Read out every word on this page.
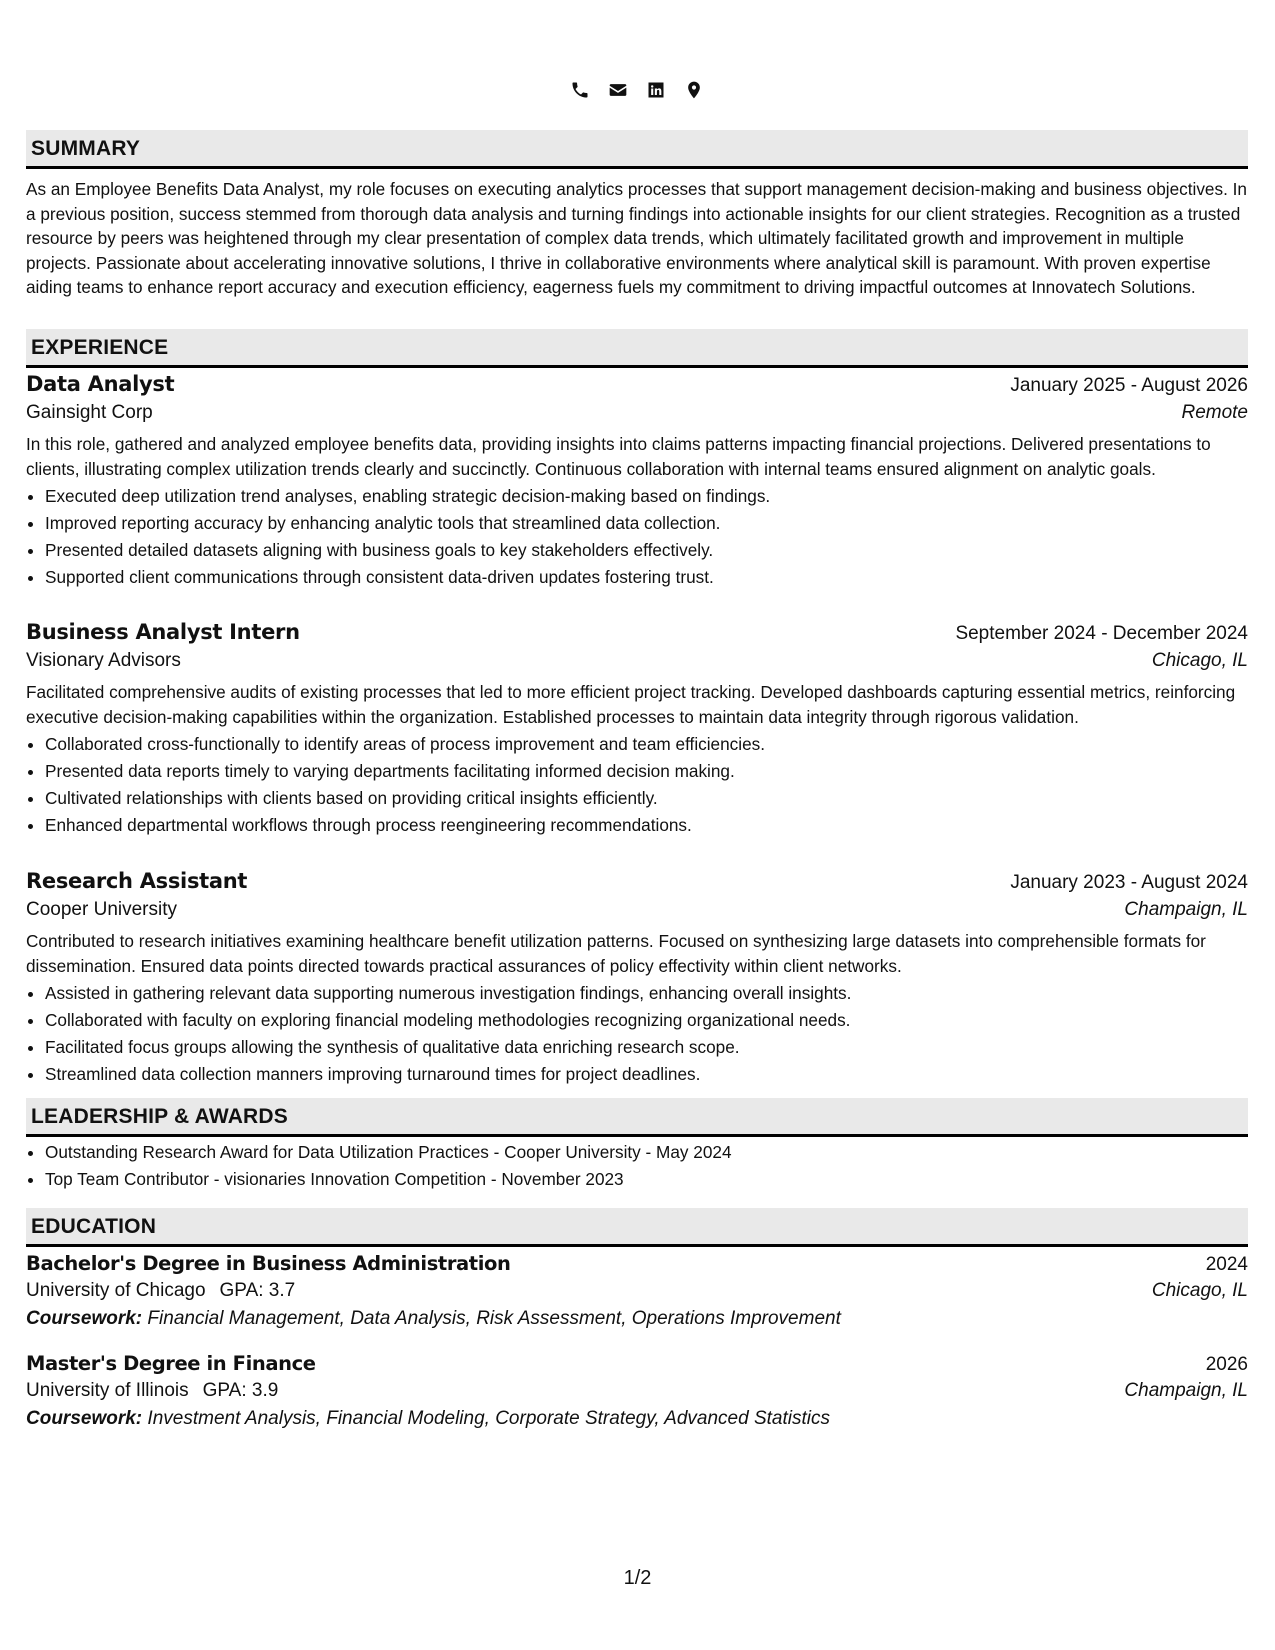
SUMMARY

As an Employee Benefits Data Analyst, my role focuses on executing analytics processes that support management decision-making and business objectives. In a previous position, success stemmed from thorough data analysis and turning findings into actionable insights for our client strategies. Recognition as a trusted resource by peers was heightened through my clear presentation of complex data trends, which ultimately facilitated growth and improvement in multiple projects. Passionate about accelerating innovative solutions, I thrive in collaborative environments where analytical skill is paramount. With proven expertise aiding teams to enhance report accuracy and execution efficiency, eagerness fuels my commitment to driving impactful outcomes at Innovatech Solutions.

EXPERIENCE
Data Analyst	January 2025 - August 2026
Gainsight Corp	Remote

In this role, gathered and analyzed employee benefits data, providing insights into claims patterns impacting financial projections. Delivered presentations to clients, illustrating complex utilization trends clearly and succinctly. Continuous collaboration with internal teams ensured alignment on analytic goals.

• Executed deep utilization trend analyses, enabling strategic decision-making based on findings.
• Improved reporting accuracy by enhancing analytic tools that streamlined data collection.
• Presented detailed datasets aligning with business goals to key stakeholders effectively.
• Supported client communications through consistent data-driven updates fostering trust.
Business Analyst Intern	September 2024 - December 2024
Visionary Advisors	Chicago, IL

Facilitated comprehensive audits of existing processes that led to more efficient project tracking. Developed dashboards capturing essential metrics, reinforcing executive decision-making capabilities within the organization. Established processes to maintain data integrity through rigorous validation.

• Collaborated cross-functionally to identify areas of process improvement and team efficiencies.
• Presented data reports timely to varying departments facilitating informed decision making.
• Cultivated relationships with clients based on providing critical insights efficiently.
• Enhanced departmental workflows through process reengineering recommendations.
Research Assistant	January 2023 - August 2024
Cooper University	Champaign, IL

Contributed to research initiatives examining healthcare benefit utilization patterns. Focused on synthesizing large datasets into comprehensible formats for dissemination. Ensured data points directed towards practical assurances of policy effectivity within client networks.

• Assisted in gathering relevant data supporting numerous investigation findings, enhancing overall insights.
• Collaborated with faculty on exploring financial modeling methodologies recognizing organizational needs.
• Facilitated focus groups allowing the synthesis of qualitative data enriching research scope.
• Streamlined data collection manners improving turnaround times for project deadlines.
LEADERSHIP & AWARDS
• Outstanding Research Award for Data Utilization Practices - Cooper University - May 2024
• Top Team Contributor - visionaries Innovation Competition - November 2023
EDUCATION
Bachelor's Degree in Business Administration	2024
University of Chicago GPA: 3.7	Chicago, IL
Coursework: Financial Management, Data Analysis, Risk Assessment, Operations Improvement
Master's Degree in Finance	2026
University of Illinois GPA: 3.9	Champaign, IL
Coursework: Investment Analysis, Financial Modeling, Corporate Strategy, Advanced Statistics
1/2
